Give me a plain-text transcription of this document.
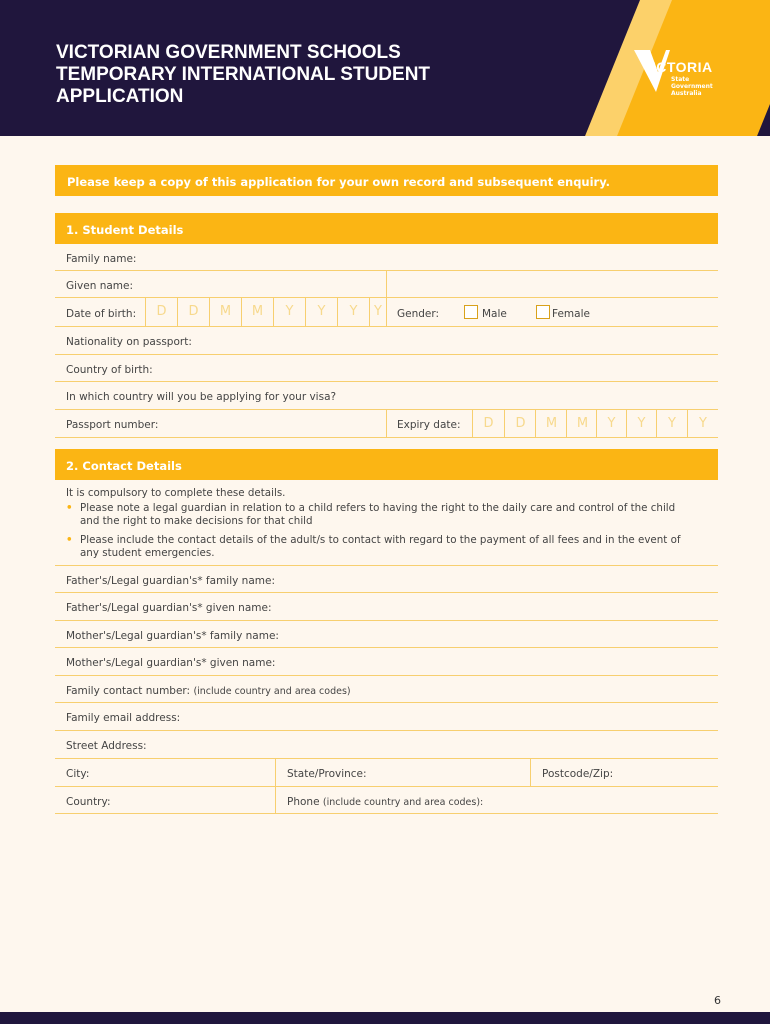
VICTORIAN GOVERNMENT SCHOOLS
TEMPORARY INTERNATIONAL STUDENT
APPLICATION
VICTORIA
State
Government
Australia
Please keep a copy of this application for your own record and subsequent enquiry.
1. Student Details
Family name:
Given name:
Date of birth:	D	D	M	M	Y	Y	Y	Y	Gender:	Male	Female
Nationality on passport:
Country of birth:
In which country will you be applying for your visa?
Passport number:	Expiry date:	D	D	M	M	Y	Y	Y	Y
2. Contact Details
It is compulsory to complete these details.
• Please note a legal guardian in relation to a child refers to having the right to the daily care and control of the child
and the right to make decisions for that child
• Please include the contact details of the adult/s to contact with regard to the payment of all fees and in the event of
any student emergencies.
Father's/Legal guardian's* family name:
Father's/Legal guardian's* given name:
Mother's/Legal guardian's* family name:
Mother's/Legal guardian's* given name:
Family contact number: (include country and area codes)
Family email address:
Street Address:
City:	State/Province:	Postcode/Zip:
Country:	Phone (include country and area codes):
6
